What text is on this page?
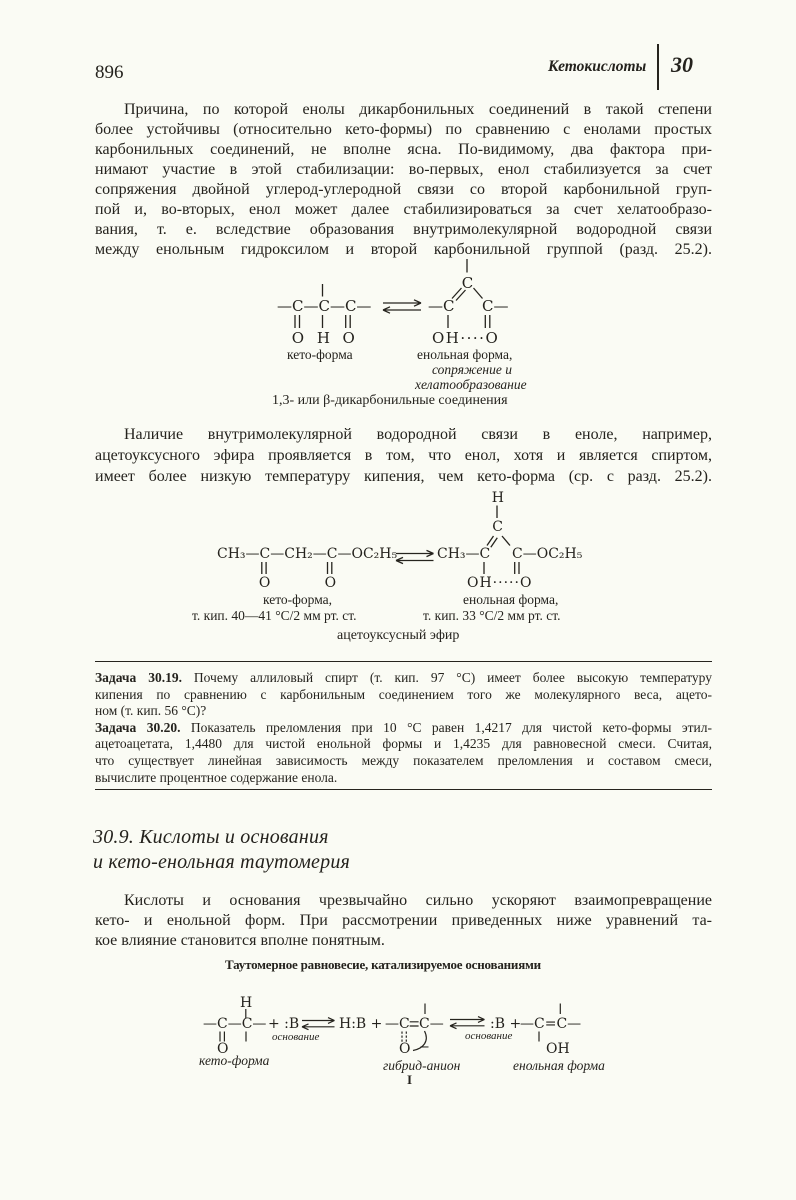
896	Кетокислоты 30
Причина, по которой енолы дикарбонильных соединений в такой степени
более устойчивы (относительно кето-формы) по сравнению с енолами простых
карбонильных соединений, не вполне ясна. По-видимому, два фактора при-
нимают участие в этой стабилизации: во-первых, енол стабилизуется за счет
сопряжения двойной углерод-углеродной связи со второй карбонильной груп-
пой и, во-вторых, енол может далее стабилизироваться за счет хелатообразо-
вания, т. е. вследствие образования внутримолекулярной водородной связи
между енольным гидроксилом и второй карбонильной группой (разд. 25.2).
—C—C—C—
O H O
кето-форма
C
—C C—
OH····O
енольная форма,
сопряжение и
хелатообразование
1,3- или β-дикарбонильные соединения
Наличие внутримолекулярной водородной связи в еноле, например,
ацетоуксусного эфира проявляется в том, что енол, хотя и является спиртом,
имеет более низкую температуру кипения, чем кето-форма (ср. с разд. 25.2).
CH₃—C—CH₂—C—OC₂H₅
O	O
кето-форма,
т. кип. 40—41 °С/2 мм рт. ст.
H
C
CH₃—C C—OC₂H₅
OH·····O
енольная форма,
т. кип. 33 °С/2 мм рт. ст.
ацетоуксусный эфир
Задача 30.19. Почему аллиловый спирт (т. кип. 97 °С) имеет более высокую температуру
кипения по сравнению с карбонильным соединением того же молекулярного веса, ацето-
ном (т. кип. 56 °С)?
Задача 30.20. Показатель преломления при 10 °С равен 1,4217 для чистой кето-формы этил-
ацетоацетата, 1,4480 для чистой енольной формы и 1,4235 для равновесной смеси. Считая,
что существует линейная зависимость между показателем преломления и составом смеси,
вычислите процентное содержание енола.
30.9. Кислоты и основания
и кето-енольная таутомерия
Кислоты и основания чрезвычайно сильно ускоряют взаимопревращение
кето- и енольной форм. При рассмотрении приведенных ниже уравнений та-
кое влияние становится вполне понятным.
Таутомерное равновесие, катализируемое основаниями
H
—C—C— + :B
O
кето-форма
основание
H:B + —C C—
O −
гибрид-анион
I
основание
:B +
—C=C—
OH
енольная форма
